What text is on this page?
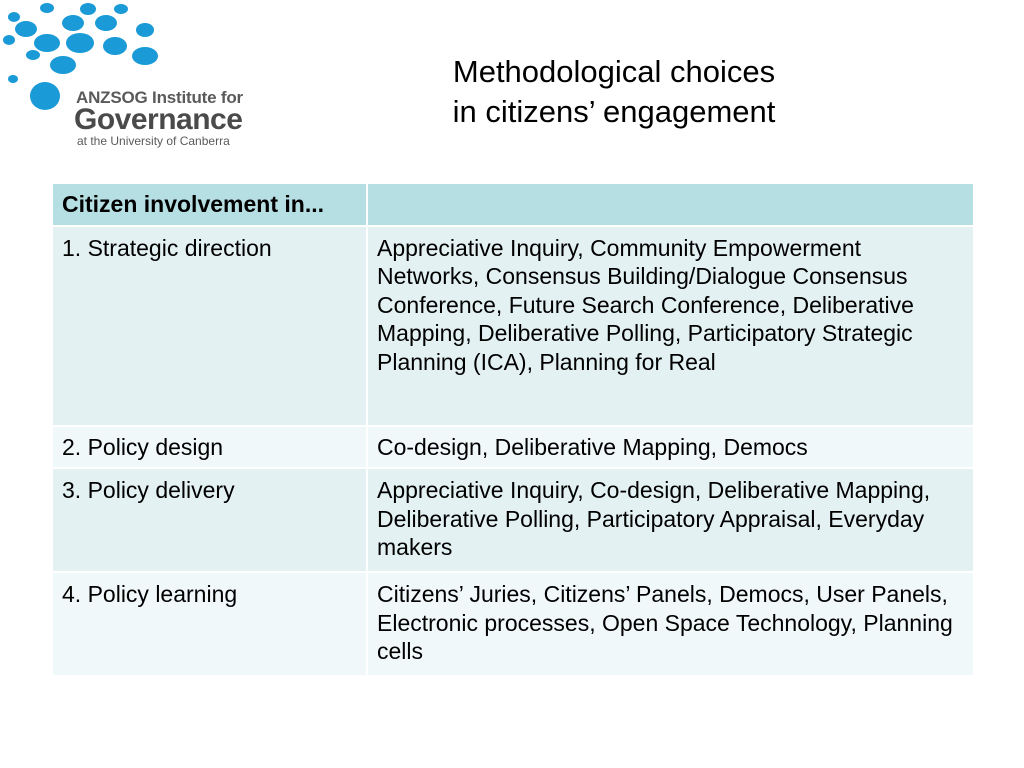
ANZSOG Institute for
Governance
at the University of Canberra
Methodological choices
in citizens’ engagement
Citizen involvement in...	
1. Strategic direction	Appreciative Inquiry, Community Empowerment Networks, Consensus Building/Dialogue Consensus Conference, Future Search Conference, Deliberative Mapping, Deliberative Polling, Participatory Strategic Planning (ICA), Planning for Real
2. Policy design	Co-design, Deliberative Mapping, Democs
3. Policy delivery	Appreciative Inquiry, Co-design, Deliberative Mapping, Deliberative Polling, Participatory Appraisal, Everyday makers
4. Policy learning	Citizens’ Juries, Citizens’ Panels, Democs, User Panels, Electronic processes, Open Space Technology, Planning cells
